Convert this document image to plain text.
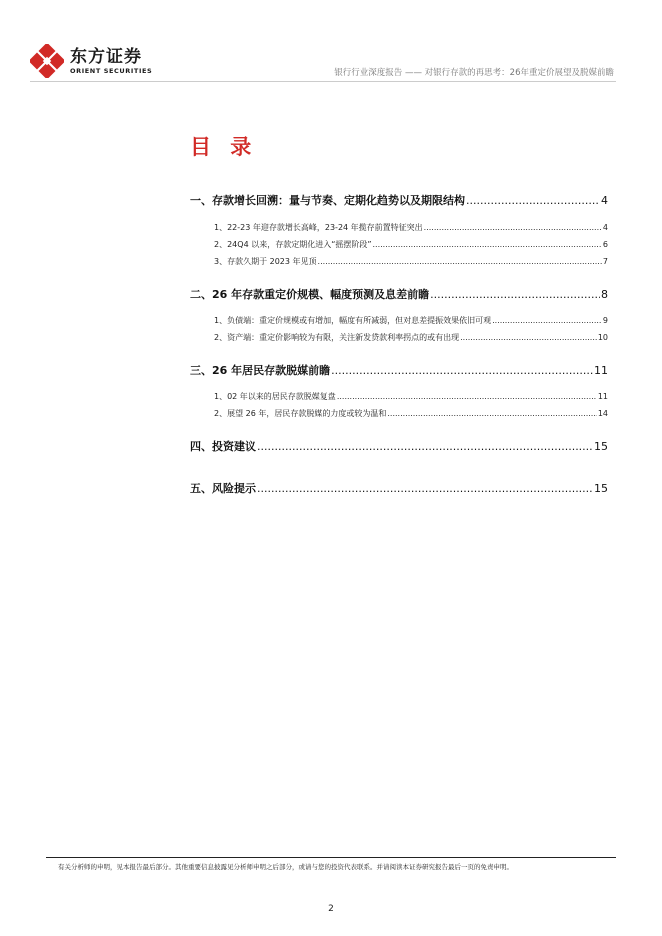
东方证券
ORIENT SECURITIES	银行行业深度报告 —— 对银行存款的再思考：26年重定价展望及脱媒前瞻
目 录
一、存款增长回溯：量与节奏、定期化趋势以及期限结构 .....	4
1、22-23 年迎存款增长高峰，23-24 年揽存前置特征突出 .....	4
2、24Q4 以来，存款定期化进入“摇摆阶段” .....	6
3、存款久期于 2023 年见顶 .....	7
二、26 年存款重定价规模、幅度预测及息差前瞻 .....	8
1、负债端：重定价规模或有增加，幅度有所减弱，但对息差提振效果依旧可观 .....	9
2、资产端：重定价影响较为有限，关注新发贷款利率拐点的或有出现 .....	10
三、26 年居民存款脱媒前瞻 .....	11
1、02 年以来的居民存款脱媒复盘 .....	11
2、展望 26 年，居民存款脱媒的力度或较为温和 .....	14
四、投资建议 .....	15
五、风险提示 .....	15
有关分析师的申明，见本报告最后部分。其他重要信息披露见分析师申明之后部分，或请与您的投资代表联系。并请阅读本证券研究报告最后一页的免责申明。
2
